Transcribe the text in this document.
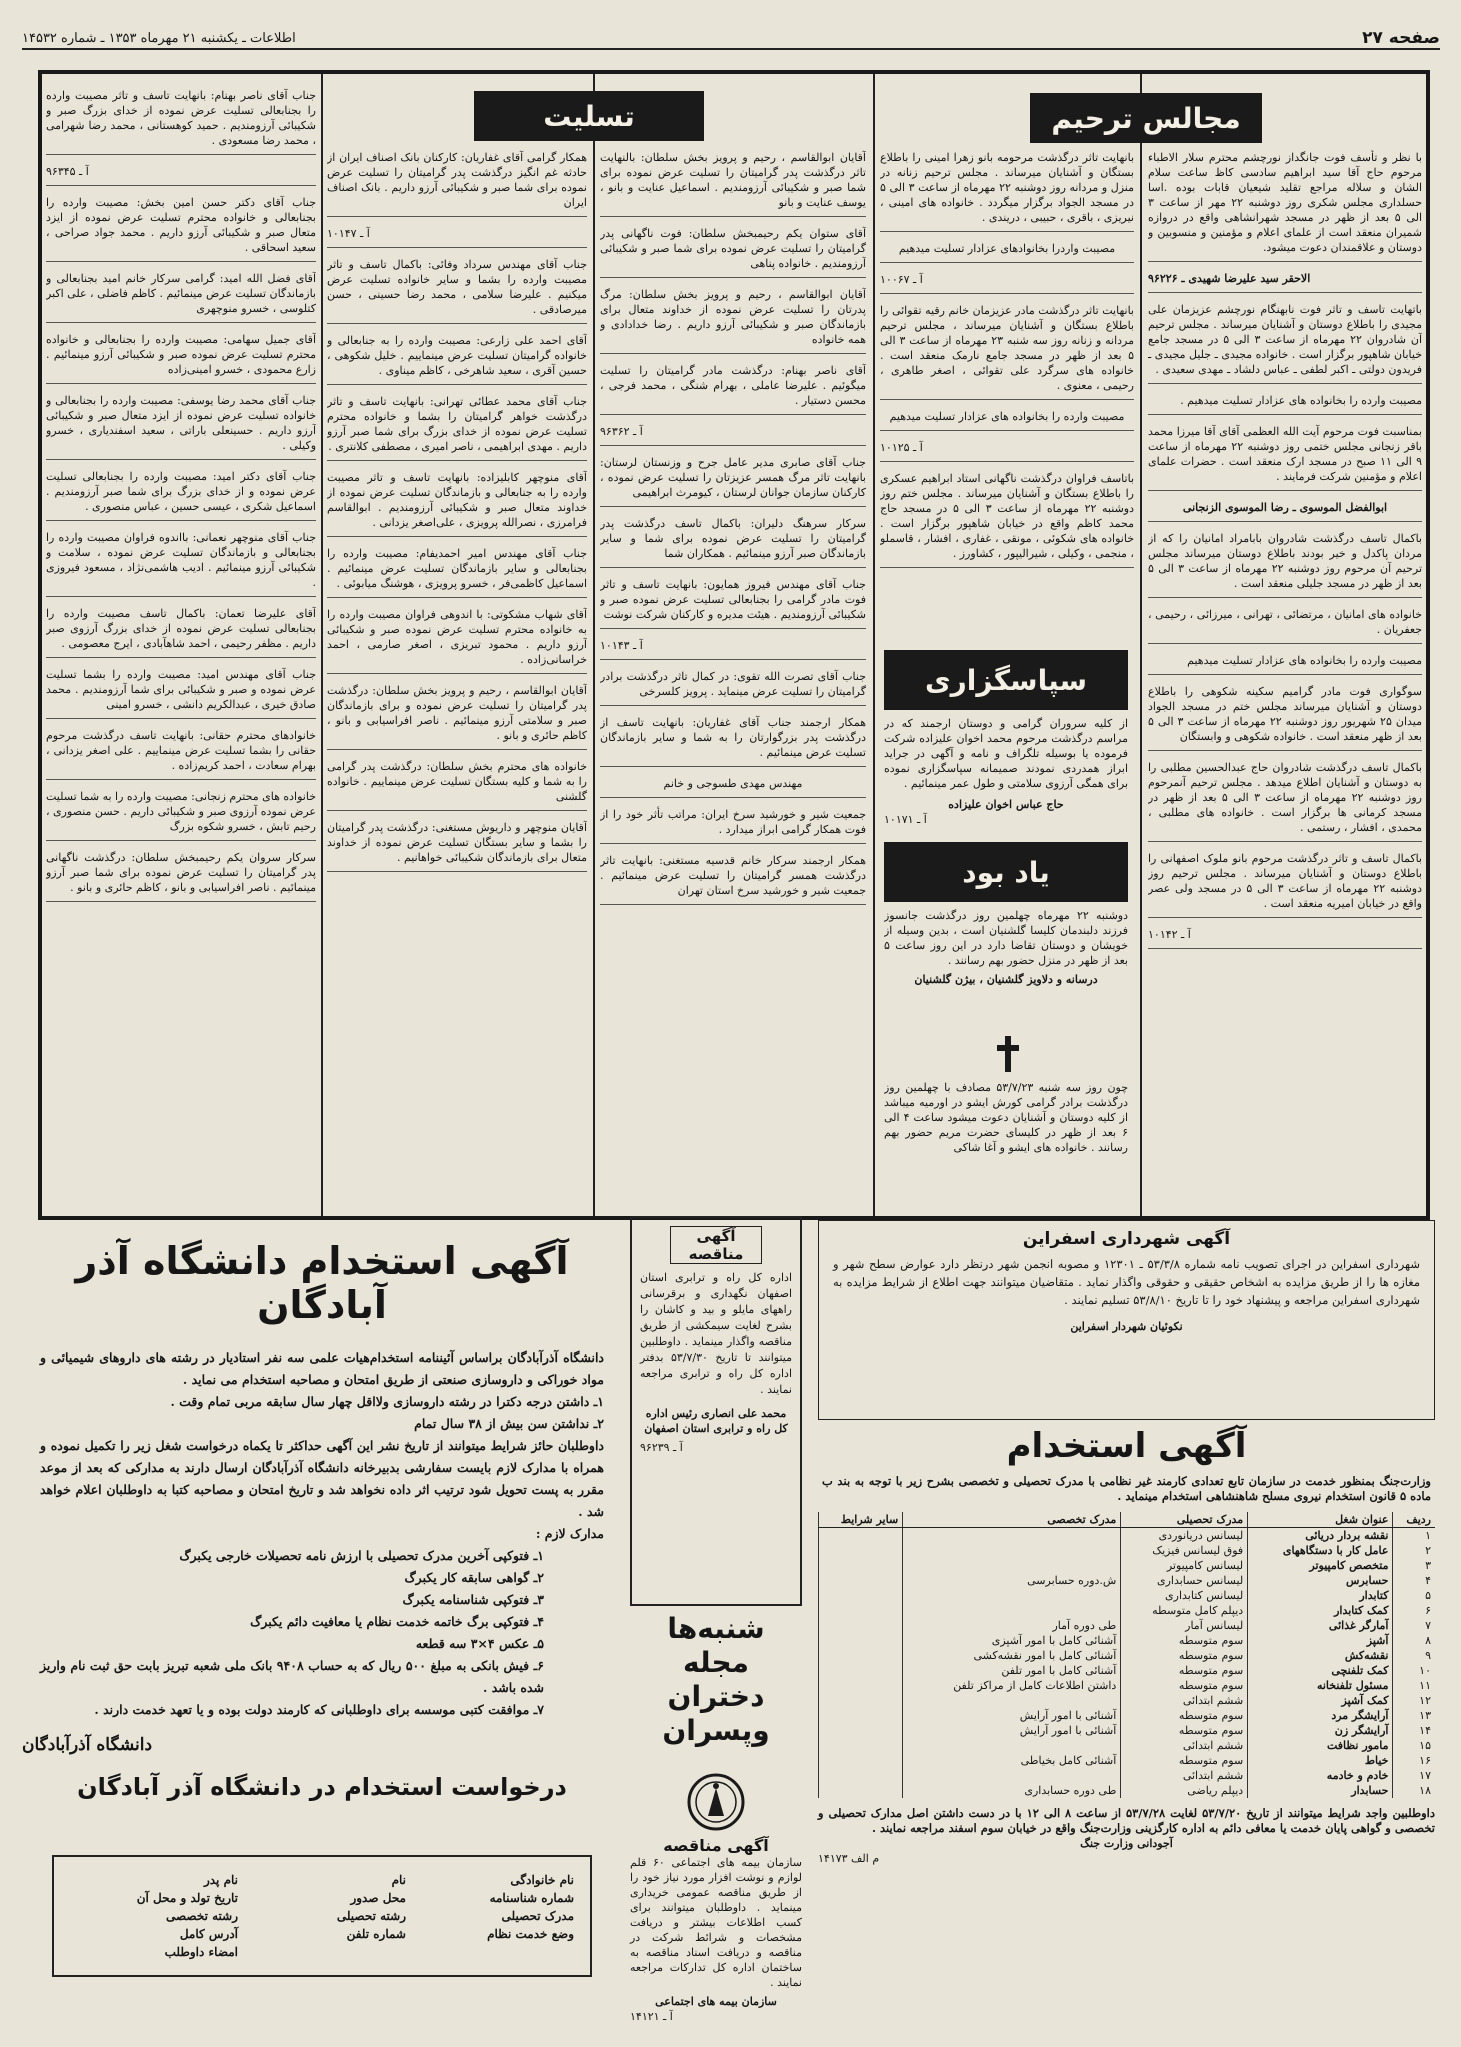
صفحه ۲۷
اطلاعات ـ یکشنبه ۲۱ مهرماه ۱۳۵۳ ـ شماره ۱۴۵۳۲
مجالس ترحیم
تسلیت
سپاسگزاری
یاد بود

با نظر و تأسف فوت جانگداز نورچشم محترم سلار الاطباء مرحوم حاج آقا سید ابراهیم سادسی کاظ ساعت سلام الشان و سلاله مراجع تقلید شیعیان قابات بوده .اسا حسلداری مجلس شکری روز دوشنبه ۲۲ مهر از ساعت ۳ الی ۵ بعد از ظهر در مسجد شهرانشاهی واقع در دروازه شمیران منعقد است از علمای اعلام و مؤمنین و منسوبین و دوستان و علاقمندان دعوت میشود.

الاحقر سید علیرضا شهیدی ـ ۹۶۲۲۶

باتهایت تاسف و تاثر فوت نابهنگام نورچشم عزیزمان علی مجیدی را باطلاع دوستان و آشنایان میرساند . مجلس ترحیم آن شادروان ۲۲ مهرماه از ساعت ۳ الی ۵ در مسجد جامع خیابان شاهپور برگزار است . خانواده مجیدی ـ جلیل مجیدی ـ فریدون دولتی ـ اکبر لطفی ـ عباس دلشاد ـ مهدی سعیدی .

مصیبت وارده را بخانواده های عزادار تسلیت میدهیم .

بمناسبت فوت مرحوم آیت الله العظمی آقای آقا میرزا محمد باقر زنجانی مجلس ختمی روز دوشنبه ۲۲ مهرماه از ساعت ۹ الی ۱۱ صبح در مسجد ارک منعقد است . حضرات علمای اعلام و مؤمنین شرکت فرمایند .

ابوالفضل الموسوی ـ رضا الموسوی الزنجانی

باکمال تاسف درگذشت شادروان بابامراد امانیان را که از مردان پاکدل و خیر بودند باطلاع دوستان میرساند مجلس ترحیم آن مرحوم روز دوشنبه ۲۲ مهرماه از ساعت ۳ الی ۵ بعد از ظهر در مسجد جلیلی منعقد است .

خانواده های امانیان ، مرتضائی ، تهرانی ، میرزائی ، رحیمی ، جعفریان .

مصیبت وارده را بخانواده های عزادار تسلیت میدهیم

سوگواری فوت مادر گرامیم سکینه شکوهی را باطلاع دوستان و آشنایان میرساند مجلس ختم در مسجد الجواد میدان ۲۵ شهریور روز دوشنبه ۲۲ مهرماه از ساعت ۳ الی ۵ بعد از ظهر منعقد است . خانواده شکوهی و وابستگان

باکمال تاسف درگذشت شادروان حاج عبدالحسین مطلبی را به دوستان و آشنایان اطلاع میدهد . مجلس ترحیم آنمرحوم روز دوشنبه ۲۲ مهرماه از ساعت ۳ الی ۵ بعد از ظهر در مسجد کرمانی ها برگزار است . خانواده های مطلبی ، محمدی ، افشار ، رستمی .

باکمال تاسف و تاثر درگذشت مرحوم بانو ملوک اصفهانی را باطلاع دوستان و آشنایان میرساند . مجلس ترحیم روز دوشنبه ۲۲ مهرماه از ساعت ۳ الی ۵ در مسجد ولی عصر واقع در خیابان امیریه منعقد است .

آ ـ ۱۰۱۴۲

بانهایت تاثر درگذشت مرحومه بانو زهرا امینی را باطلاع بستگان و آشنایان میرساند . مجلس ترحیم زنانه در منزل و مردانه روز دوشنبه ۲۲ مهرماه از ساعت ۳ الی ۵ در مسجد الجواد برگزار میگردد . خانواده های امینی ، نیریزی ، باقری ، حبیبی ، دریندی .

مصیبت واردرا بخانوادهای عزادار تسلیت میدهیم

آ ـ ۱۰۰۶۷

بانهایت تاثر درگذشت مادر عزیزمان خانم رقیه تقوائی را باطلاع بستگان و آشنایان میرساند ، مجلس ترحیم مردانه و زنانه روز سه شنبه ۲۳ مهرماه از ساعت ۳ الی ۵ بعد از ظهر در مسجد جامع نارمک منعقد است . خانواده های سرگرد علی تقوائی ، اصغر طاهری ، رحیمی ، معنوی .

مصیبت وارده را بخانواده های عزادار تسلیت میدهیم

آ ـ ۱۰۱۲۵

باتاسف فراوان درگذشت ناگهانی استاد ابراهیم عسکری را باطلاع بستگان و آشنایان میرساند . مجلس ختم روز دوشنبه ۲۲ مهرماه از ساعت ۳ الی ۵ در مسجد حاج محمد کاظم واقع در خیابان شاهپور برگزار است . خانواده های شکوئی ، مونقی ، غفاری ، افشار ، قاسملو ، منجمی ، وکیلی ، شیرالیپور ، کشاورز .

از کلیه سروران گرامی و دوستان ارجمند که در مراسم درگذشت مرحوم محمد اخوان علیزاده شرکت فرموده یا بوسیله تلگراف و نامه و آگهی در جراید ابراز همدردی نمودند صمیمانه سپاسگزاری نموده برای همگی آرزوی سلامتی و طول عمر مینمائیم .
حاج عباس اخوان علیزاده
آ ـ ۱۰۱۷۱
دوشنبه ۲۲ مهرماه چهلمین روز درگذشت جانسوز فرزند دلبندمان کلیسا گلشنیان است ، بدین وسیله از خویشان و دوستان تقاضا دارد در این روز ساعت ۵ بعد از ظهر در منزل حضور بهم رسانند .
درسانه و دلاویز گلشنیان ، بیژن گلشنیان
چون روز سه شنبه ۵۳/۷/۲۳ مصادف با چهلمین روز درگذشت برادر گرامی کورش ایشو در اورمیه میباشد از کلیه دوستان و آشنایان دعوت میشود ساعت ۴ الی ۶ بعد از ظهر در کلیسای حضرت مریم حضور بهم رسانند . خانواده های ایشو و آغا شاکی

آقایان ابوالقاسم ، رحیم و پرویز بخش سلطان: بالنهایت تاثر درگذشت پدر گرامیتان را تسلیت عرض نموده برای شما صبر و شکیبائی آرزومندیم . اسماعیل عنایت و بانو ، یوسف عنایت و بانو

آقای ستوان یکم رحیمبخش سلطان: فوت ناگهانی پدر گرامیتان را تسلیت عرض نموده برای شما صبر و شکیبائی آرزومندیم . خانواده پناهی

آقایان ابوالقاسم ، رحیم و پرویز بخش سلطان: مرگ پدرتان را تسلیت عرض نموده از خداوند متعال برای بازماندگان صبر و شکیبائی آرزو داریم . رضا خدادادی و همه خانواده

آقای ناصر بهنام: درگذشت مادر گرامیتان را تسلیت میگوئیم . علیرضا عاملی ، بهرام شنگی ، محمد فرجی ، محسن دستیار .

آ ـ ۹۶۳۶۲

جناب آقای صابری مدیر عامل جرح و وزنستان لرستان: بانهایت تاثر مرگ همسر عزیزتان را تسلیت عرض نموده ، کارکنان سازمان جوانان لرستان ، کیومرث ابراهیمی

سرکار سرهنگ دلیران: باکمال تاسف درگذشت پدر گرامیتان را تسلیت عرض نموده برای شما و سایر بازماندگان صبر آرزو مینمائیم . همکاران شما

جناب آقای مهندس فیروز همایون: بانهایت تاسف و تاثر فوت مادر گرامی را بجنابعالی تسلیت عرض نموده صبر و شکیبائی آرزومندیم . هیئت مدیره و کارکنان شرکت نوشت

آ ـ ۱۰۱۴۳

جناب آقای تصرت الله تقوی: در کمال تاثر درگذشت برادر گرامیتان را تسلیت عرض مینماید . پرویز کلسرخی

همکار ارجمند جناب آقای غفاریان: بانهایت تاسف از درگذشت پدر بزرگوارتان را به شما و سایر بازماندگان تسلیت عرض مینمائیم .

مهندس مهدی طسوجی و خانم

جمعیت شیر و خورشید سرخ ایران: مراتب تأثر خود را از فوت همکار گرامی ابراز میدارد .

همکار ارجمند سرکار خانم قدسیه مستغنی: بانهایت تاثر درگذشت همسر گرامیتان را تسلیت عرض مینمائیم . جمعیت شیر و خورشید سرخ استان تهران

همکار گرامی آقای غفاریان: کارکنان بانک اصناف ایران از حادثه غم انگیز درگذشت پدر گرامیتان را تسلیت عرض نموده برای شما صبر و شکیبائی آرزو داریم . بانک اصناف ایران

آ ـ ۱۰۱۴۷

جناب آقای مهندس سرداد وفائی: باکمال تاسف و تاثر مصیبت وارده را بشما و سایر خانواده تسلیت عرض میکنیم . علیرضا سلامی ، محمد رضا حسینی ، حسن میرصادقی .

آقای احمد علی زارعی: مصیبت وارده را به جنابعالی و خانواده گرامیتان تسلیت عرض مینماییم . خلیل شکوهی ، حسین آقری ، سعید شاهرخی ، کاظم میناوی .

جناب آقای محمد عطائی تهرانی: بانهایت تاسف و تاثر درگذشت خواهر گرامیتان را بشما و خانواده محترم تسلیت عرض نموده از خدای بزرگ برای شما صبر آرزو داریم . مهدی ابراهیمی ، ناصر امیری ، مصطفی کلانتری .

آقای منوچهر کابلیزاده: بانهایت تاسف و تاثر مصیبت وارده را به جنابعالی و بازماندگان تسلیت عرض نموده از خداوند متعال صبر و شکیبائی آرزومندیم . ابوالقاسم فرامرزی ، نصرالله پرویزی ، علی‌اصغر یزدانی .

جناب آقای مهندس امیر احمدیفام: مصیبت وارده را بجنابعالی و سایر بازماندگان تسلیت عرض مینمائیم . اسماعیل کاظمی‌فر ، خسرو پرویزی ، هوشنگ میابوئی .

آقای شهاب مشکوتی: با اندوهی فراوان مصیبت وارده را به خانواده محترم تسلیت عرض نموده صبر و شکیبائی آرزو داریم . محمود تبریزی ، اصغر صارمی ، احمد خراسانی‌زاده .

آقایان ابوالقاسم ، رحیم و پرویز بخش سلطان: درگذشت پدر گرامیتان را تسلیت عرض نموده و برای بازماندگان صبر و سلامتی آرزو مینمائیم . ناصر افراسیابی و بانو ، کاظم حائری و بانو .

خانواده های محترم بخش سلطان: درگذشت پدر گرامی را به شما و کلیه بستگان تسلیت عرض مینماییم . خانواده گلشنی

آقایان منوچهر و داریوش مستغنی: درگذشت پدر گرامیتان را بشما و سایر بستگان تسلیت عرض نموده از خداوند متعال برای بازماندگان شکیبائی خواهانیم .

جناب آقای ناصر بهنام: بانهایت تاسف و تاثر مصیبت وارده را بجنابعالی تسلیت عرض نموده از خدای بزرگ صبر و شکیبائی آرزومندیم . حمید کوهستانی ، محمد رضا شهرامی ، محمد رضا مسعودی .

آ ـ ۹۶۳۴۵

جناب آقای دکتر حسن امین بخش: مصیبت وارده را بجنابعالی و خانواده محترم تسلیت عرض نموده از ایزد متعال صبر و شکیبائی آرزو داریم . محمد جواد صراحی ، سعید اسحاقی .

آقای فضل الله امید: گرامی سرکار خانم امید بجنابعالی و بازماندگان تسلیت عرض مینمائیم . کاظم فاضلی ، علی اکبر کتلوسی ، خسرو منوچهری

آقای جمیل سهامی: مصیبت وارده را بجنابعالی و خانواده محترم تسلیت عرض نموده صبر و شکیبائی آرزو مینمائیم . زارع محمودی ، خسرو امینی‌زاده

جناب آقای محمد رضا یوسفی: مصیبت وارده را بجنابعالی و خانواده تسلیت عرض نموده از ایزد متعال صبر و شکیبائی آرزو داریم . حسینعلی باراتی ، سعید اسفندیاری ، خسرو وکیلی .

جناب آقای دکتر امید: مصیبت وارده را بجنابعالی تسلیت عرض نموده و از خدای بزرگ برای شما صبر آرزومندیم . اسماعیل شکری ، عیسی حسین ، عباس منصوری .

جناب آقای منوچهر نعمانی: بااندوه فراوان مصیبت وارده را بجنابعالی و بازماندگان تسلیت عرض نموده ، سلامت و شکیبائی آرزو مینمائیم . ادیب هاشمی‌نژاد ، مسعود فیروزی .

آقای علیرضا تعمان: باکمال تاسف مصیبت وارده را بجنابعالی تسلیت عرض نموده از خدای بزرگ آرزوی صبر داریم . مظفر رحیمی ، احمد شاهآبادی ، ایرج معصومی .

جناب آقای مهندس امید: مصیبت وارده را بشما تسلیت عرض نموده و صبر و شکیبائی برای شما آرزومندیم . محمد صادق خیری ، عبدالکریم دانشی ، خسرو امینی

خانوادهای محترم حقانی: بانهایت تاسف درگذشت مرحوم حقانی را بشما تسلیت عرض مینماییم . علی اصغر یزدانی ، بهرام سعادت ، احمد کریم‌زاده .

خانواده های محترم زنجانی: مصیبت وارده را به شما تسلیت عرض نموده آرزوی صبر و شکیبائی داریم . حسن منصوری ، رحیم تابش ، خسرو شکوه بزرگ

سرکار سروان یکم رحیمبخش سلطان: درگذشت ناگهانی پدر گرامیتان را تسلیت عرض نموده برای شما صبر آرزو مینمائیم . ناصر افراسیابی و بانو ، کاظم حائری و بانو .

آگهی استخدام دانشگاه آذر آبادگان
دانشگاه آذرآبادگان براساس آئیننامه استخدام‌هیات علمی سه نفر استادیار در رشته های داروهای شیمیائی و مواد خوراکی و داروسازی صنعتی از طریق امتحان و مصاحبه استخدام می نماید .
۱ـ داشتن درجه دکترا در رشته داروسازی ولااقل چهار سال سابقه مربی تمام وقت .
۲ـ نداشتن سن بیش از ۳۸ سال تمام
داوطلبان حائز شرایط میتوانند از تاریخ نشر این آگهی حداکثر تا یکماه درخواست شغل زیر را تکمیل نموده و همراه با مدارک لازم بایست سفارشی بدبیرخانه دانشگاه آذرآبادگان ارسال دارند به مدارکی که بعد از موعد مقرر به پست تحویل شود ترتیب اثر داده نخواهد شد و تاریخ امتحان و مصاحبه کتبا به داوطلبان اعلام خواهد شد .
مدارک لازم :
۱ـ فتوکپی آخرین مدرک تحصیلی با ارزش نامه تحصیلات خارجی یکبرگ
۲ـ گواهی سابقه کار یکبرگ
۳ـ فتوکپی شناسنامه یکبرگ
۴ـ فتوکپی برگ خاتمه خدمت نظام یا معافیت دائم یکبرگ
۵ـ عکس ۴×۳ سه قطعه
۶ـ فیش بانکی به مبلغ ۵۰۰ ریال که به حساب ۹۴۰۸ بانک ملی شعبه تبریز بابت حق ثبت نام واریز شده باشد .
۷ـ موافقت کتبی موسسه برای داوطلبانی که کارمند دولت بوده و یا تعهد خدمت دارند .
دانشگاه آذرآبادگان
درخواست استخدام در دانشگاه آذر آبادگان
نام خانوادگی
نام
نام پدر
شماره شناسنامه
محل صدور
تاریخ تولد و محل آن
مدرک تحصیلی
رشته تحصیلی
رشته تخصصی
وضع خدمت نظام
شماره تلفن
آدرس کامل
امضاء داوطلب
آگهی مناقصه
اداره کل راه و ترابری استان اصفهان نگهداری و برقرسانی راههای مایلو و بید و کاشان را بشرح لغایت سیمکشی از طریق مناقصه واگذار مینماید . داوطلبین میتوانند تا تاریخ ۵۳/۷/۳۰ بدفتر اداره کل راه و ترابری مراجعه نمایند .
محمد علی انصاری رئیس اداره کل راه و ترابری استان اصفهان
آ ـ ۹۶۲۳۹
شنبه‌ها
مجله
دختران
وپسران
آگهی مناقصه
سازمان بیمه های اجتماعی ۶۰ قلم لوازم و نوشت افزار مورد نیاز خود را از طریق مناقصه عمومی خریداری مینماید . داوطلبان میتوانند برای کسب اطلاعات بیشتر و دریافت مشخصات و شرائط شرکت در مناقصه و دریافت اسناد مناقصه به ساختمان اداره کل تدارکات مراجعه نمایند .
سازمان بیمه های اجتماعی
آ ـ ۱۴۱۲۱
آگهی شهرداری اسفراین
شهرداری اسفراین در اجرای تصویب نامه شماره ۵۳/۳/۸ ـ ۱۲۳۰۱ و مصوبه انجمن شهر درنظر دارد عوارض سطح شهر و مغازه ها را از طریق مزایده به اشخاص حقیقی و حقوقی واگذار نماید . متقاضیان میتوانند جهت اطلاع از شرایط مزایده به شهرداری اسفراین مراجعه و پیشنهاد خود را تا تاریخ ۵۳/۸/۱۰ تسلیم نمایند .
نکوئیان شهردار اسفراین
آگهی استخدام
وزارت‌جنگ بمنظور خدمت در سازمان تابع تعدادی کارمند غیر نظامی با مدرک تحصیلی و تخصصی بشرح زیر با توجه به بند ب ماده ۵ قانون استخدام نیروی مسلح شاهنشاهی استخدام مینماید .
ردیف	عنوان شغل	مدرک تحصیلی	مدرک تخصصی	سایر شرایط
۱	نقشه بردار دریائی	لیسانس دریانوردی		
۲	عامل کار با دستگاههای	فوق لیسانس فیزیک		
۳	متخصص کامپیوتر	لیسانس کامپیوتر		
۴	حسابرس	لیسانس حسابداری	ش.دوره حسابرسی	
۵	کتابدار	لیسانس کتابداری		
۶	کمک کتابدار	دیپلم کامل متوسطه		
۷	آمارگر غذائی	لیسانس آمار	طی دوره آمار	
۸	آشپز	سوم متوسطه	آشنائی کامل با امور آشپزی	
۹	نقشه‌کش	سوم متوسطه	آشنائی کامل با امور نقشه‌کشی	
۱۰	کمک تلفنچی	سوم متوسطه	آشنائی کامل با امور تلفن	
۱۱	مسئول تلفنخانه	سوم متوسطه	داشتن اطلاعات کامل از مراکز تلفن	
۱۲	کمک آشپز	ششم ابتدائی		
۱۳	آرایشگر مرد	سوم متوسطه	آشنائی با امور آرایش	
۱۴	آرایشگر زن	سوم متوسطه	آشنائی با امور آرایش	
۱۵	مامور نظافت	ششم ابتدائی		
۱۶	خیاط	سوم متوسطه	آشنائی کامل بخیاطی	
۱۷	خادم و خادمه	ششم ابتدائی		
۱۸	حسابدار	دیپلم ریاضی	طی دوره حسابداری	
داوطلبین واجد شرایط میتوانند از تاریخ ۵۳/۷/۲۰ لغایت ۵۳/۷/۲۸ از ساعت ۸ الی ۱۲ با در دست داشتن اصل مدارک تحصیلی و تخصصی و گواهی پایان خدمت یا معافی دائم به اداره کارگزینی وزارت‌جنگ واقع در خیابان سوم اسفند مراجعه نمایند .
آجودانی وزارت جنگ
م الف ۱۴۱۷۳
